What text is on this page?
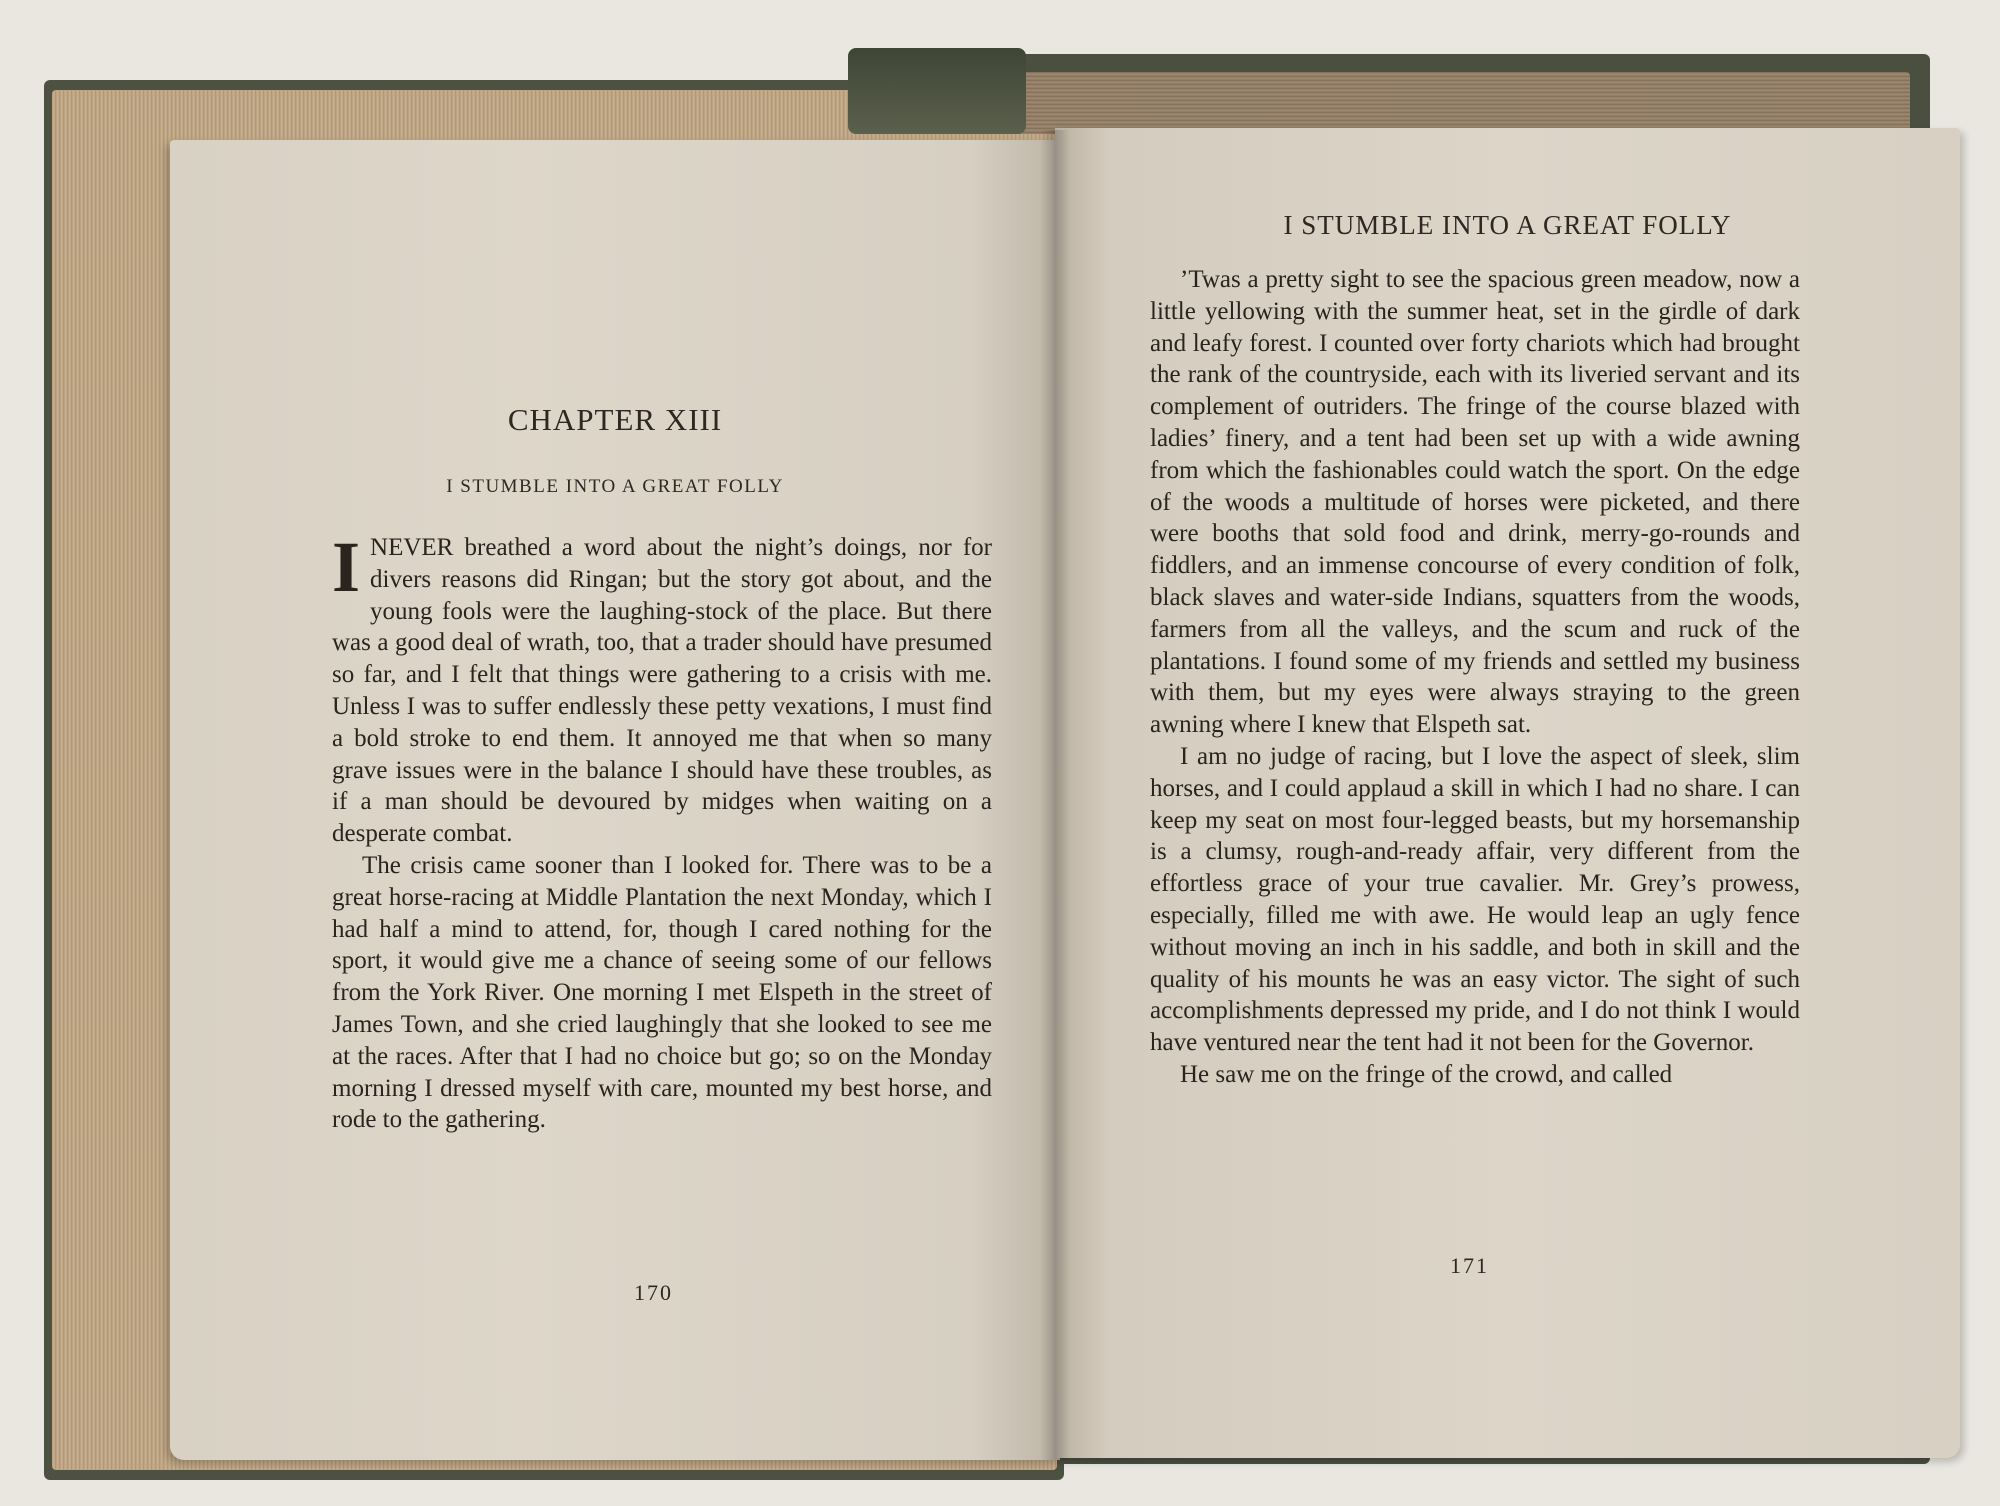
CHAPTER XIII
I STUMBLE INTO A GREAT FOLLY

INEVER breathed a word about the night’s doings, nor for divers reasons did Ringan; but the story got about, and the young fools were the laughing-stock of the place. But there was a good deal of wrath, too, that a trader should have presumed so far, and I felt that things were gathering to a crisis with me. Unless I was to suffer endlessly these petty vexations, I must find a bold stroke to end them. It annoyed me that when so many grave issues were in the balance I should have these troubles, as if a man should be devoured by midges when waiting on a desperate combat.

The crisis came sooner than I looked for. There was to be a great horse-racing at Middle Plantation the next Monday, which I had half a mind to attend, for, though I cared nothing for the sport, it would give me a chance of seeing some of our fellows from the York River. One morning I met Elspeth in the street of James Town, and she cried laughingly that she looked to see me at the races. After that I had no choice but go; so on the Monday morning I dressed myself with care, mounted my best horse, and rode to the gathering.

170
I STUMBLE INTO A GREAT FOLLY

’Twas a pretty sight to see the spacious green meadow, now a little yellowing with the summer heat, set in the girdle of dark and leafy forest. I counted over forty chariots which had brought the rank of the countryside, each with its liveried servant and its complement of outriders. The fringe of the course blazed with ladies’ finery, and a tent had been set up with a wide awning from which the fashionables could watch the sport. On the edge of the woods a multitude of horses were picketed, and there were booths that sold food and drink, merry-go-rounds and fiddlers, and an immense concourse of every condition of folk, black slaves and water-side Indians, squatters from the woods, farmers from all the valleys, and the scum and ruck of the plantations. I found some of my friends and settled my business with them, but my eyes were always straying to the green awning where I knew that Elspeth sat.

I am no judge of racing, but I love the aspect of sleek, slim horses, and I could applaud a skill in which I had no share. I can keep my seat on most four-legged beasts, but my horsemanship is a clumsy, rough-and-ready affair, very different from the effortless grace of your true cavalier. Mr. Grey’s prowess, especially, filled me with awe. He would leap an ugly fence without moving an inch in his saddle, and both in skill and the quality of his mounts he was an easy victor. The sight of such accomplishments depressed my pride, and I do not think I would have ventured near the tent had it not been for the Governor.

He saw me on the fringe of the crowd, and called

171
